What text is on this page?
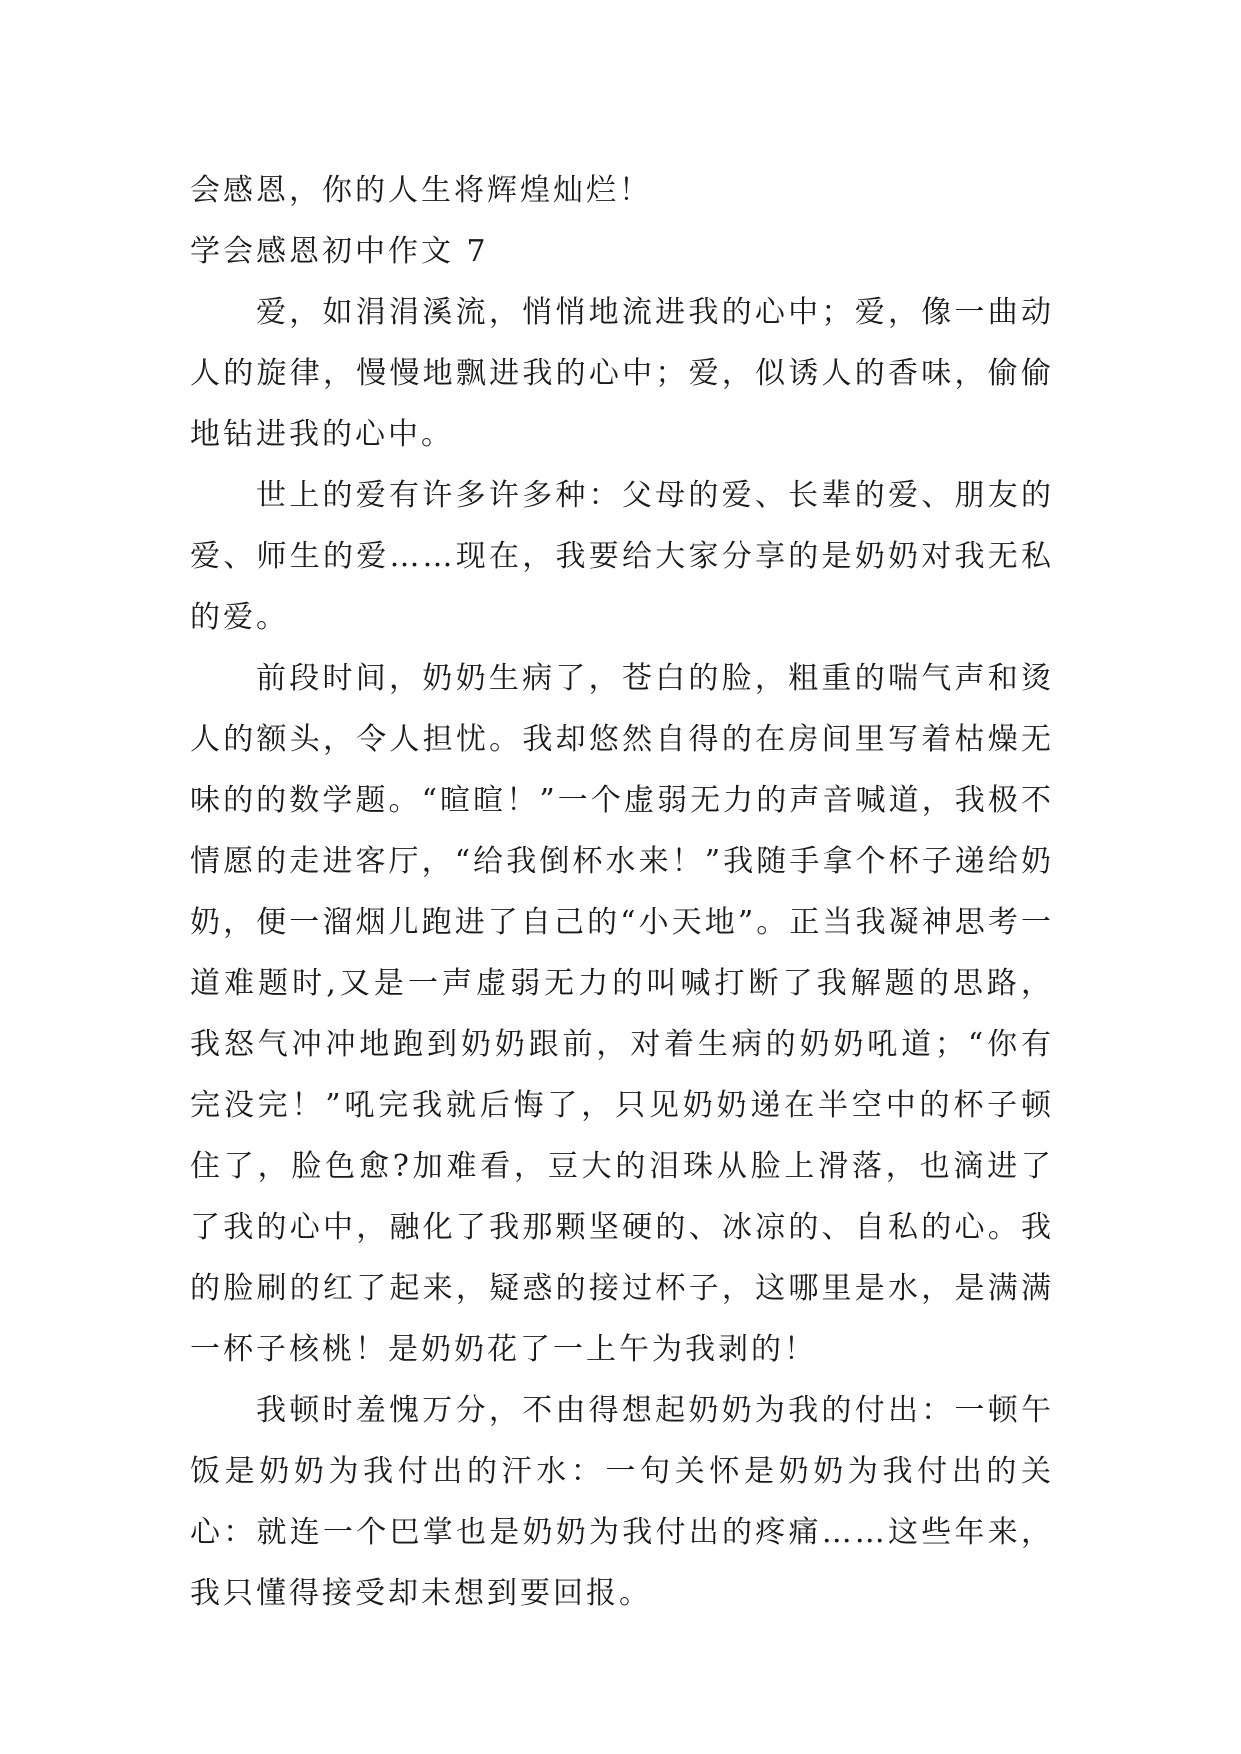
会感恩，你的人生将辉煌灿烂！

学会感恩初中作文 7

爱，如涓涓溪流，悄悄地流进我的心中；爱，像一曲动人的旋律，慢慢地飘进我的心中；爱，似诱人的香味，偷偷地钻进我的心中。

世上的爱有许多许多种：父母的爱、长辈的爱、朋友的爱、师生的爱……现在，我要给大家分享的是奶奶对我无私的爱。

前段时间，奶奶生病了，苍白的脸，粗重的喘气声和烫人的额头，令人担忧。我却悠然自得的在房间里写着枯燥无味的的数学题。“暄暄！”一个虚弱无力的声音喊道，我极不情愿的走进客厅，“给我倒杯水来！”我随手拿个杯子递给奶奶，便一溜烟儿跑进了自己的“小天地”。正当我凝神思考一道难题时,又是一声虚弱无力的叫喊打断了我解题的思路，我怒气冲冲地跑到奶奶跟前，对着生病的奶奶吼道；“你有完没完！”吼完我就后悔了，只见奶奶递在半空中的杯子顿住了，脸色愈?加难看，豆大的泪珠从脸上滑落，也滴进了了我的心中，融化了我那颗坚硬的、冰凉的、自私的心。我的脸刷的红了起来，疑惑的接过杯子，这哪里是水，是满满一杯子核桃！是奶奶花了一上午为我剥的！

我顿时羞愧万分，不由得想起奶奶为我的付出：一顿午饭是奶奶为我付出的汗水：一句关怀是奶奶为我付出的关心：就连一个巴掌也是奶奶为我付出的疼痛……这些年来，我只懂得接受却未想到要回报。
